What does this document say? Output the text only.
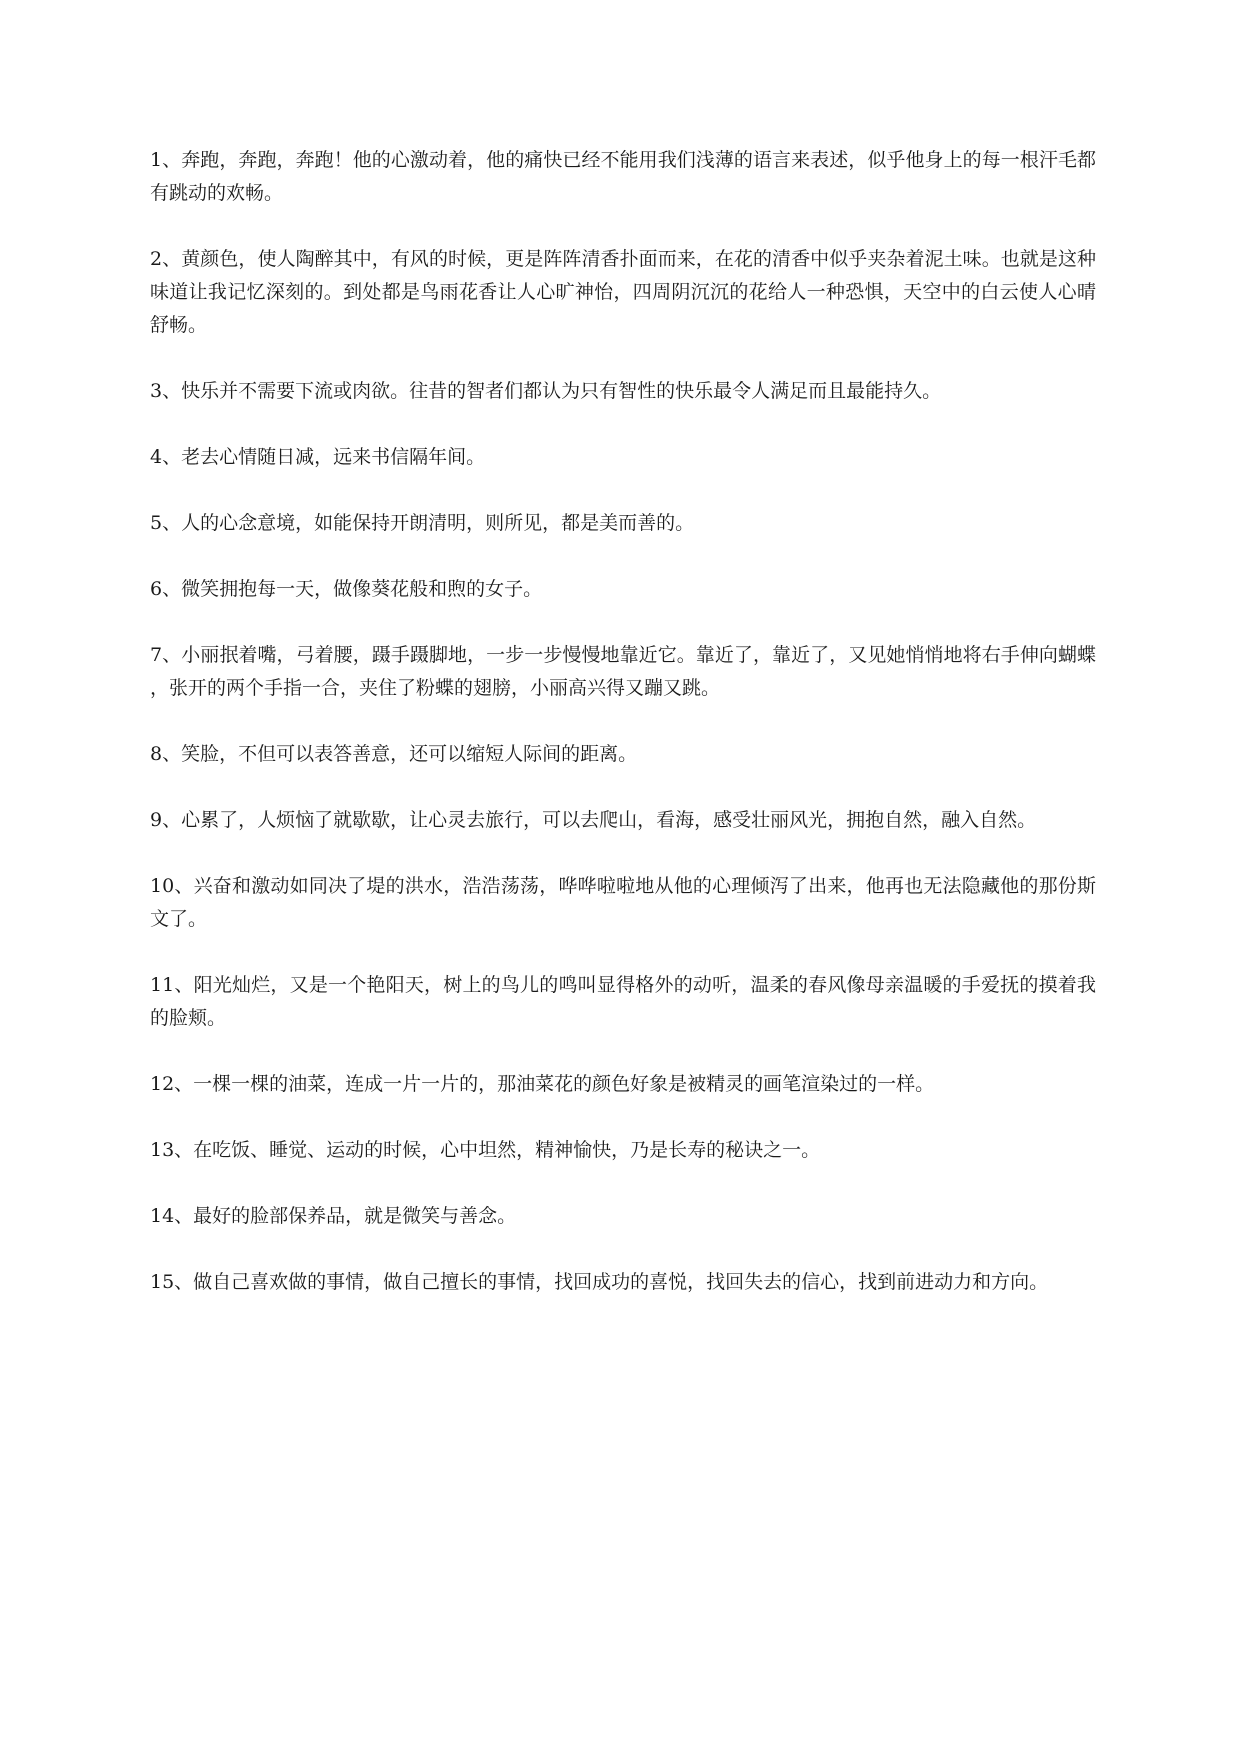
1、奔跑，奔跑，奔跑！他的心激动着，他的痛快已经不能用我们浅薄的语言来表述，似乎他身上的每一根汗毛都有跳动的欢畅。

2、黄颜色，使人陶醉其中，有风的时候，更是阵阵清香扑面而来，在花的清香中似乎夹杂着泥土味。也就是这种味道让我记忆深刻的。到处都是鸟雨花香让人心旷神怡，四周阴沉沉的花给人一种恐惧，天空中的白云使人心晴舒畅。

3、快乐并不需要下流或肉欲。往昔的智者们都认为只有智性的快乐最令人满足而且最能持久。

4、老去心情随日减，远来书信隔年间。

5、人的心念意境，如能保持开朗清明，则所见，都是美而善的。

6、微笑拥抱每一天，做像葵花般和煦的女子。

7、小丽抿着嘴，弓着腰，蹑手蹑脚地，一步一步慢慢地靠近它。靠近了，靠近了，又见她悄悄地将右手伸向蝴蝶，张开的两个手指一合，夹住了粉蝶的翅膀，小丽高兴得又蹦又跳。

8、笑脸，不但可以表答善意，还可以缩短人际间的距离。

9、心累了，人烦恼了就歇歇，让心灵去旅行，可以去爬山，看海，感受壮丽风光，拥抱自然，融入自然。

10、兴奋和激动如同决了堤的洪水，浩浩荡荡，哗哗啦啦地从他的心理倾泻了出来，他再也无法隐藏他的那份斯文了。

11、阳光灿烂，又是一个艳阳天，树上的鸟儿的鸣叫显得格外的动听，温柔的春风像母亲温暖的手爱抚的摸着我的脸颊。

12、一棵一棵的油菜，连成一片一片的，那油菜花的颜色好象是被精灵的画笔渲染过的一样。

13、在吃饭、睡觉、运动的时候，心中坦然，精神愉快，乃是长寿的秘诀之一。

14、最好的脸部保养品，就是微笑与善念。

15、做自己喜欢做的事情，做自己擅长的事情，找回成功的喜悦，找回失去的信心，找到前进动力和方向。
